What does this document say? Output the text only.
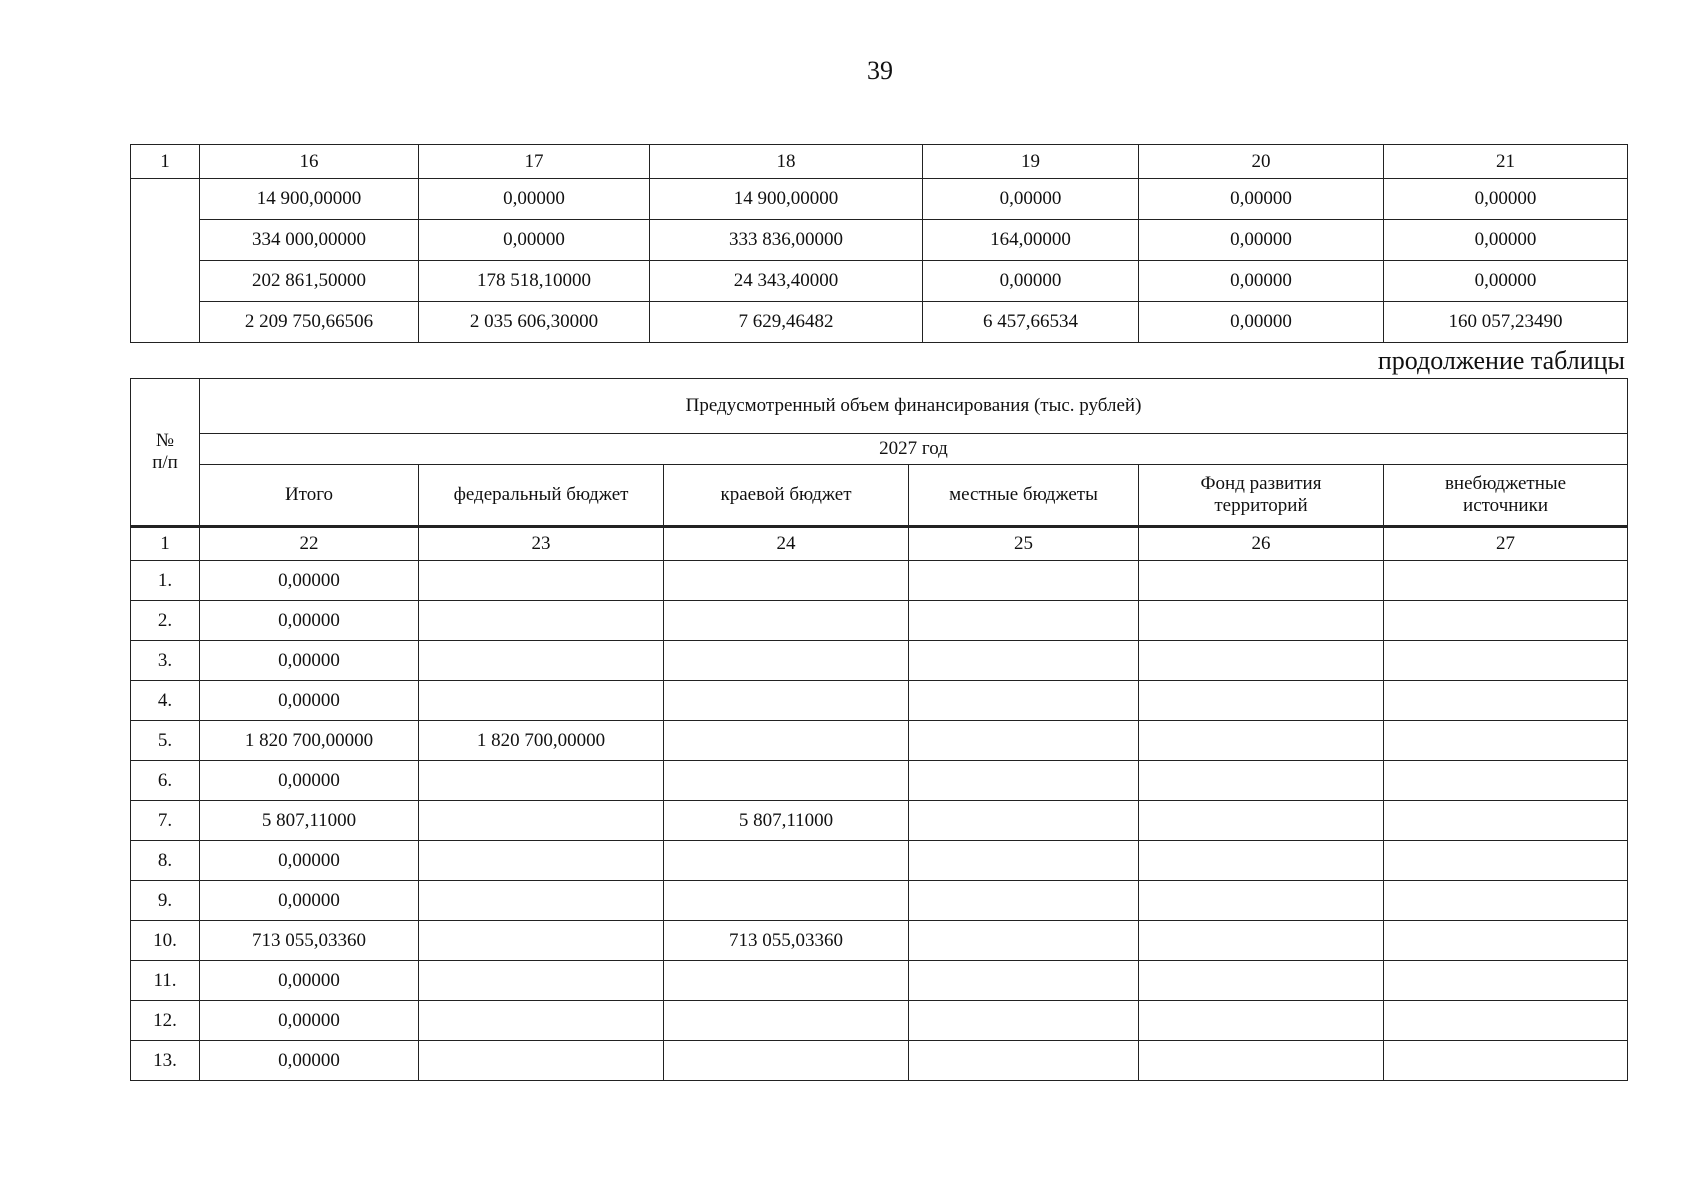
39
1	16	17	18	19	20	21
	14 900,00000	0,00000	14 900,00000	0,00000	0,00000	0,00000
	334 000,00000	0,00000	333 836,00000	164,00000	0,00000	0,00000
	202 861,50000	178 518,10000	24 343,40000	0,00000	0,00000	0,00000
	2 209 750,66506	2 035 606,30000	7 629,46482	6 457,66534	0,00000	160 057,23490
продолжение таблицы
№
п/п	Предусмотренный объем финансирования (тыс. рублей)					
	2027 год					
	Итого	федеральный бюджет	краевой бюджет	местные бюджеты	Фонд развития территорий	внебюджетные источники
1	22	23	24	25	26	27
1.	0,00000					
2.	0,00000					
3.	0,00000					
4.	0,00000					
5.	1 820 700,00000	1 820 700,00000				
6.	0,00000					
7.	5 807,11000		5 807,11000			
8.	0,00000					
9.	0,00000					
10.	713 055,03360		713 055,03360			
11.	0,00000					
12.	0,00000					
13.	0,00000					
